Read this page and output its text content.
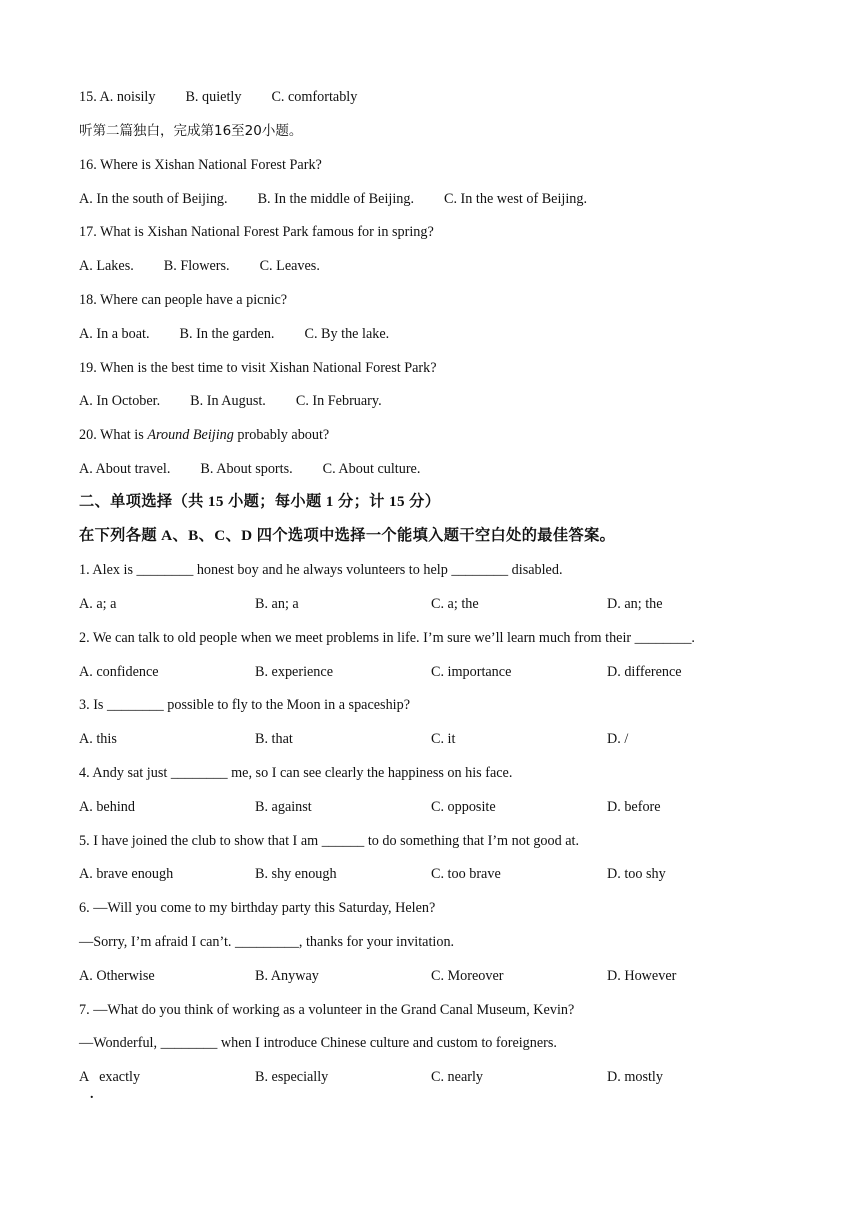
15. A. noisily B. quietly C. comfortably
听第二篇独白，完成第16至20小题。
16. Where is Xishan National Forest Park?
A. In the south of Beijing. B. In the middle of Beijing. C. In the west of Beijing.
17. What is Xishan National Forest Park famous for in spring?
A. Lakes. B. Flowers. C. Leaves.
18. Where can people have a picnic?
A. In a boat. B. In the garden. C. By the lake.
19. When is the best time to visit Xishan National Forest Park?
A. In October. B. In August. C. In February.
20. What is Around Beijing probably about?
A. About travel. B. About sports. C. About culture.
二、单项选择（共 15 小题；每小题 1 分；计 15 分）
在下列各题 A、B、C、D 四个选项中选择一个能填入题干空白处的最佳答案。
1. Alex is ________ honest boy and he always volunteers to help ________ disabled.
A. a; a	B. an; a	C. a; the	D. an; the
2. We can talk to old people when we meet problems in life. I’m sure we’ll learn much from their ________.
A. confidence	B. experience	C. importance	D. difference
3. Is ________ possible to fly to the Moon in a spaceship?
A. this	B. that	C. it	D. /
4. Andy sat just ________ me, so I can see clearly the happiness on his face.
A. behind	B. against	C. opposite	D. before
5. I have joined the club to show that I am ______ to do something that I’m not good at.
A. brave enough	B. shy enough	C. too brave	D. too shy
6. —Will you come to my birthday party this Saturday, Helen?
—Sorry, I’m afraid I can’t. _________, thanks for your invitation.
A. Otherwise	B. Anyway	C. Moreover	D. However
7. —What do you think of working as a volunteer in the Grand Canal Museum, Kevin?
—Wonderful, ________ when I introduce Chinese culture and custom to foreigners.
A   exactly	B. especially	C. nearly	D. mostly
.
